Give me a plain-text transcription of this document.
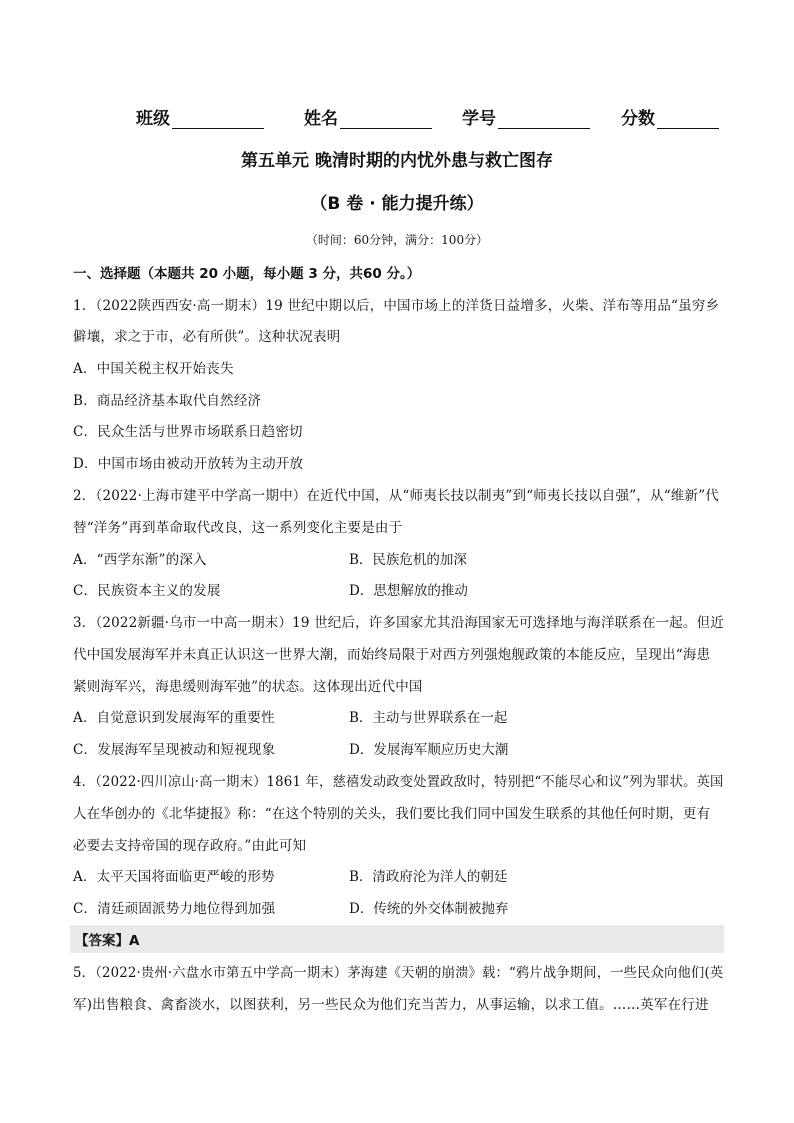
班级	姓名	学号	分数
第五单元 晚清时期的内忧外患与救亡图存
（B 卷 · 能力提升练）
（时间：60分钟，满分：100分）
一、选择题（本题共 20 小题，每小题 3 分，共60 分。）
1．（2022陕西西安·高一期末）19 世纪中期以后，中国市场上的洋货日益增多，火柴、洋布等用品“虽穷乡
僻壤，求之于市，必有所供”。这种状况表明
A．中国关税主权开始丧失
B．商品经济基本取代自然经济
C．民众生活与世界市场联系日趋密切
D．中国市场由被动开放转为主动开放
2．（2022·上海市建平中学高一期中）在近代中国，从“师夷长技以制夷”到“师夷长技以自强”，从“维新”代
替“洋务”再到革命取代改良，这一系列变化主要是由于
A．“西学东渐”的深入	B．民族危机的加深
C．民族资本主义的发展	D．思想解放的推动
3．（2022新疆·乌市一中高一期末）19 世纪后，许多国家尤其沿海国家无可选择地与海洋联系在一起。但近
代中国发展海军并未真正认识这一世界大潮，而始终局限于对西方列强炮舰政策的本能反应，呈现出“海患
紧则海军兴，海患缓则海军弛”的状态。这体现出近代中国
A．自觉意识到发展海军的重要性	B．主动与世界联系在一起
C．发展海军呈现被动和短视现象	D．发展海军顺应历史大潮
4．（2022·四川凉山·高一期末）1861 年，慈禧发动政变处置政敌时，特别把“不能尽心和议”列为罪状。英国
人在华创办的《北华捷报》称：“在这个特别的关头，我们要比我们同中国发生联系的其他任何时期，更有
必要去支持帝国的现存政府。”由此可知
A．太平天国将面临更严峻的形势	B．清政府沦为洋人的朝廷
C．清廷顽固派势力地位得到加强	D．传统的外交体制被抛弃
【答案】A
5．（2022·贵州·六盘水市第五中学高一期末）茅海建《天朝的崩溃》载：“鸦片战争期间，一些民众向他们(英
军)出售粮食、禽畜淡水，以图获利，另一些民众为他们充当苦力，从事运输，以求工值。……英军在行进
